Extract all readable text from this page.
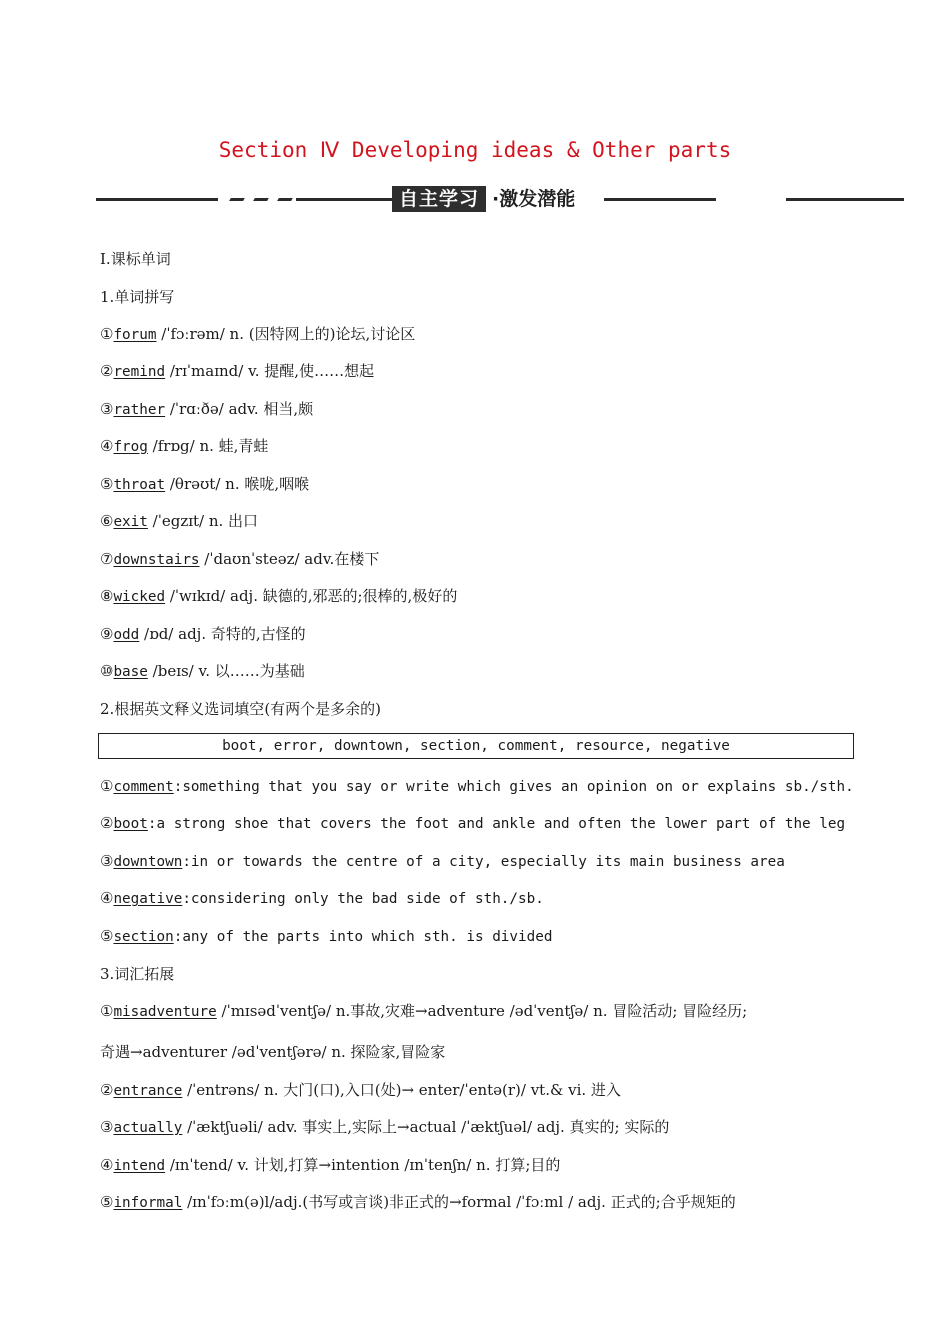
Section Ⅳ Developing ideas & Other parts
自主学习 ·激发潜能
Ⅰ.课标单词
1.单词拼写
①forum /ˈfɔːrəm/ n. (因特网上的)论坛,讨论区
②remind /rɪˈmaɪnd/ v. 提醒,使……想起
③rather /ˈrɑːðə/ adv. 相当,颇
④frog /frɒg/ n. 蛙,青蛙
⑤throat /θrəʊt/ n. 喉咙,咽喉
⑥exit /ˈegzɪt/ n. 出口
⑦downstairs /ˈdaʊnˈsteəz/ adv.在楼下
⑧wicked /ˈwɪkɪd/ adj. 缺德的,邪恶的;很棒的,极好的
⑨odd /ɒd/ adj. 奇特的,古怪的
⑩base /beɪs/ v. 以……为基础
2.根据英文释义选词填空(有两个是多余的)
boot, error, downtown, section, comment, resource, negative
①comment:something that you say or write which gives an opinion on or explains sb./sth.
②boot:a strong shoe that covers the foot and ankle and often the lower part of the leg
③downtown:in or towards the centre of a city, especially its main business area
④negative:considering only the bad side of sth./sb.
⑤section:any of the parts into which sth. is divided
3.词汇拓展
①misadventure /ˈmɪsədˈventʃə/ n.事故,灾难→adventure /ədˈventʃə/ n. 冒险活动; 冒险经历;
奇遇→adventurer /ədˈventʃərə/ n. 探险家,冒险家
②entrance /ˈentrəns/ n. 大门(口),入口(处)→ enter/ˈentə(r)/ vt.& vi. 进入
③actually /ˈæktʃuəli/ adv. 事实上,实际上→actual /ˈæktʃuəl/ adj. 真实的; 实际的
④intend /ɪnˈtend/ v. 计划,打算→intention /ɪnˈtenʃn/ n. 打算;目的
⑤informal /ɪnˈfɔːm(ə)l/adj.(书写或言谈)非正式的→formal /ˈfɔːml / adj. 正式的;合乎规矩的
